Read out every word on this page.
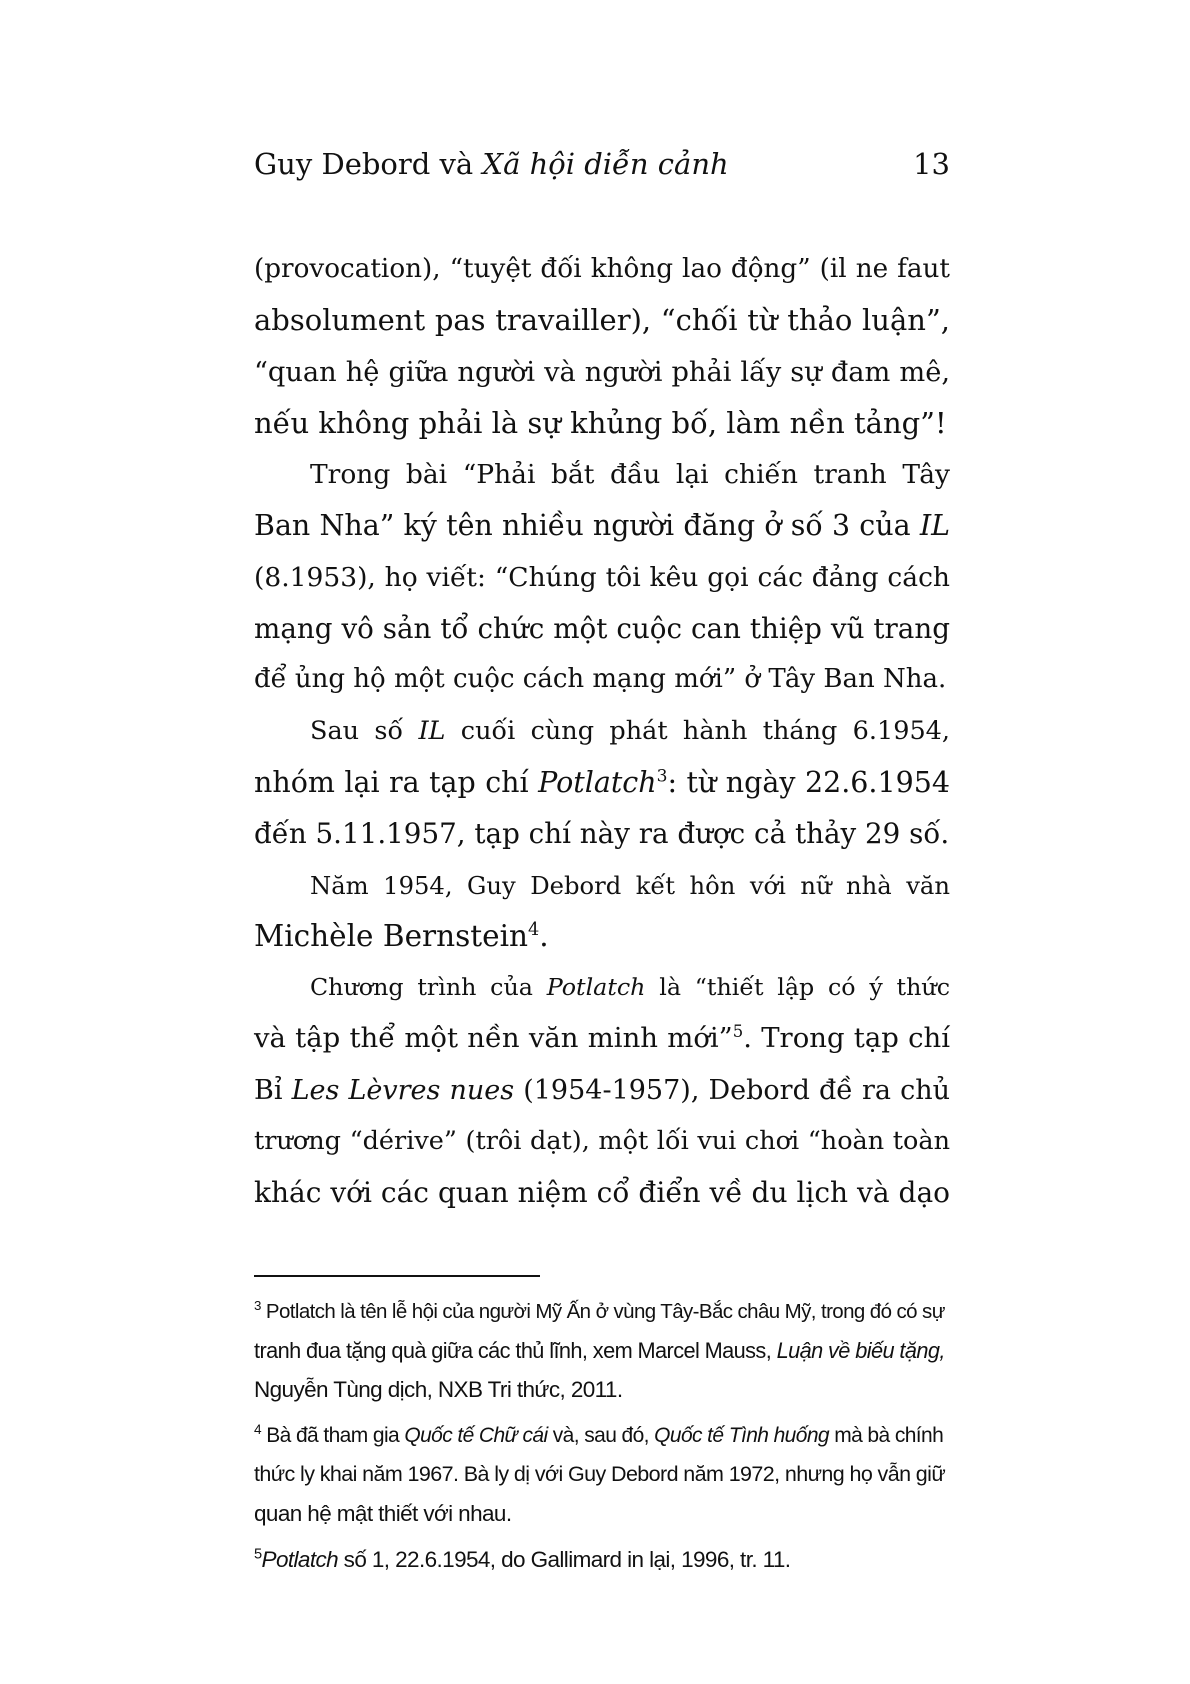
Guy Debord và Xã hội diễn cảnh	13
(provocation), “tuyệt đối không lao động” (il ne faut
absolument pas travailler), “chối từ thảo luận”,
“quan hệ giữa người và người phải lấy sự đam mê,
nếu không phải là sự khủng bố, làm nền tảng”!
Trong bài “Phải bắt đầu lại chiến tranh Tây
Ban Nha” ký tên nhiều người đăng ở số 3 của IL
(8.1953), họ viết: “Chúng tôi kêu gọi các đảng cách
mạng vô sản tổ chức một cuộc can thiệp vũ trang
để ủng hộ một cuộc cách mạng mới” ở Tây Ban Nha.
Sau số IL cuối cùng phát hành tháng 6.1954,
nhóm lại ra tạp chí Potlatch$^3$: từ ngày 22.6.1954
đến 5.11.1957, tạp chí này ra được cả thảy 29 số.
Năm 1954, Guy Debord kết hôn với nữ nhà văn
Michèle Bernstein$^4$.
Chương trình của Potlatch là “thiết lập có ý thức
và tập thể một nền văn minh mới”$^5$. Trong tạp chí
Bỉ Les Lèvres nues (1954-1957), Debord đề ra chủ
trương “dérive” (trôi dạt), một lối vui chơi “hoàn toàn
khác với các quan niệm cổ điển về du lịch và dạo
$^3$ Potlatch là tên lễ hội của người Mỹ Ấn ở vùng Tây-Bắc châu Mỹ, trong đó có sự
tranh đua tặng quà giữa các thủ lĩnh, xem Marcel Mauss, Luận về biếu tặng,
Nguyễn Tùng dịch, NXB Tri thức, 2011.
$^4$ Bà đã tham gia Quốc tế Chữ cái và, sau đó, Quốc tế Tình huống mà bà chính
thức ly khai năm 1967. Bà ly dị với Guy Debord năm 1972, nhưng họ vẫn giữ
quan hệ mật thiết với nhau.
$^5$Potlatch số 1, 22.6.1954, do Gallimard in lại, 1996, tr. 11.
